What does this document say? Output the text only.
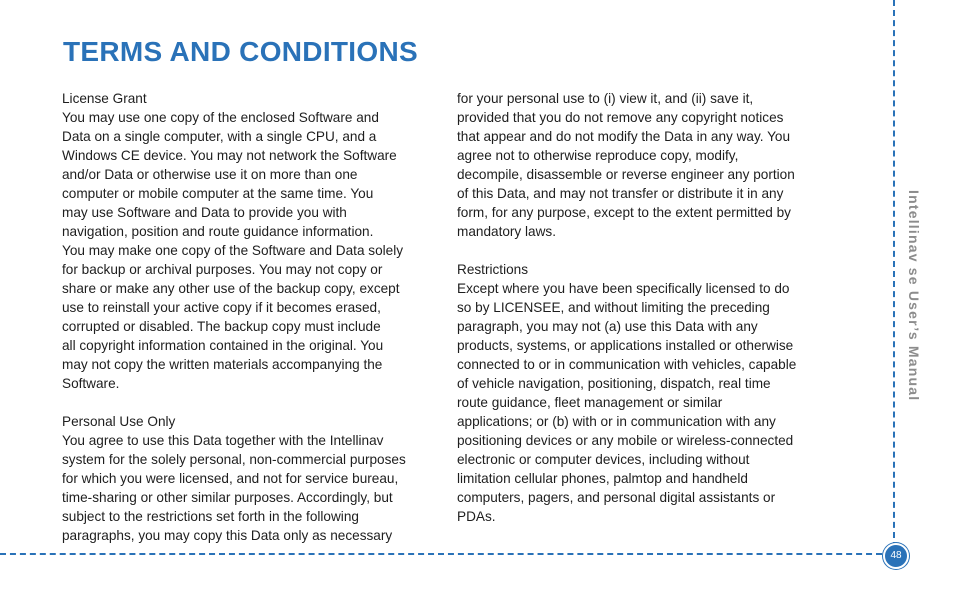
Intellinav se User’s Manual
48
TERMS AND CONDITIONS

License Grant

You may use one copy of the enclosed Software and
Data on a single computer, with a single CPU, and a
Windows CE device. You may not network the Software
and/or Data or otherwise use it on more than one
computer or mobile computer at the same time. You
may use Software and Data to provide you with
navigation, position and route guidance information.
You may make one copy of the Software and Data solely
for backup or archival purposes. You may not copy or
share or make any other use of the backup copy, except
use to reinstall your active copy if it becomes erased,
corrupted or disabled. The backup copy must include
all copyright information contained in the original. You
may not copy the written materials accompanying the
Software.

Personal Use Only

You agree to use this Data together with the Intellinav
system for the solely personal, non-commercial purposes
for which you were licensed, and not for service bureau,
time-sharing or other similar purposes. Accordingly, but
subject to the restrictions set forth in the following
paragraphs, you may copy this Data only as necessary

for your personal use to (i) view it, and (ii) save it,
provided that you do not remove any copyright notices
that appear and do not modify the Data in any way. You
agree not to otherwise reproduce copy, modify,
decompile, disassemble or reverse engineer any portion
of this Data, and may not transfer or distribute it in any
form, for any purpose, except to the extent permitted by
mandatory laws.

Restrictions

Except where you have been specifically licensed to do
so by LICENSEE, and without limiting the preceding
paragraph, you may not (a) use this Data with any
products, systems, or applications installed or otherwise
connected to or in communication with vehicles, capable
of vehicle navigation, positioning, dispatch, real time
route guidance, fleet management or similar
applications; or (b) with or in communication with any
positioning devices or any mobile or wireless-connected
electronic or computer devices, including without
limitation cellular phones, palmtop and handheld
computers, pagers, and personal digital assistants or
PDAs.
